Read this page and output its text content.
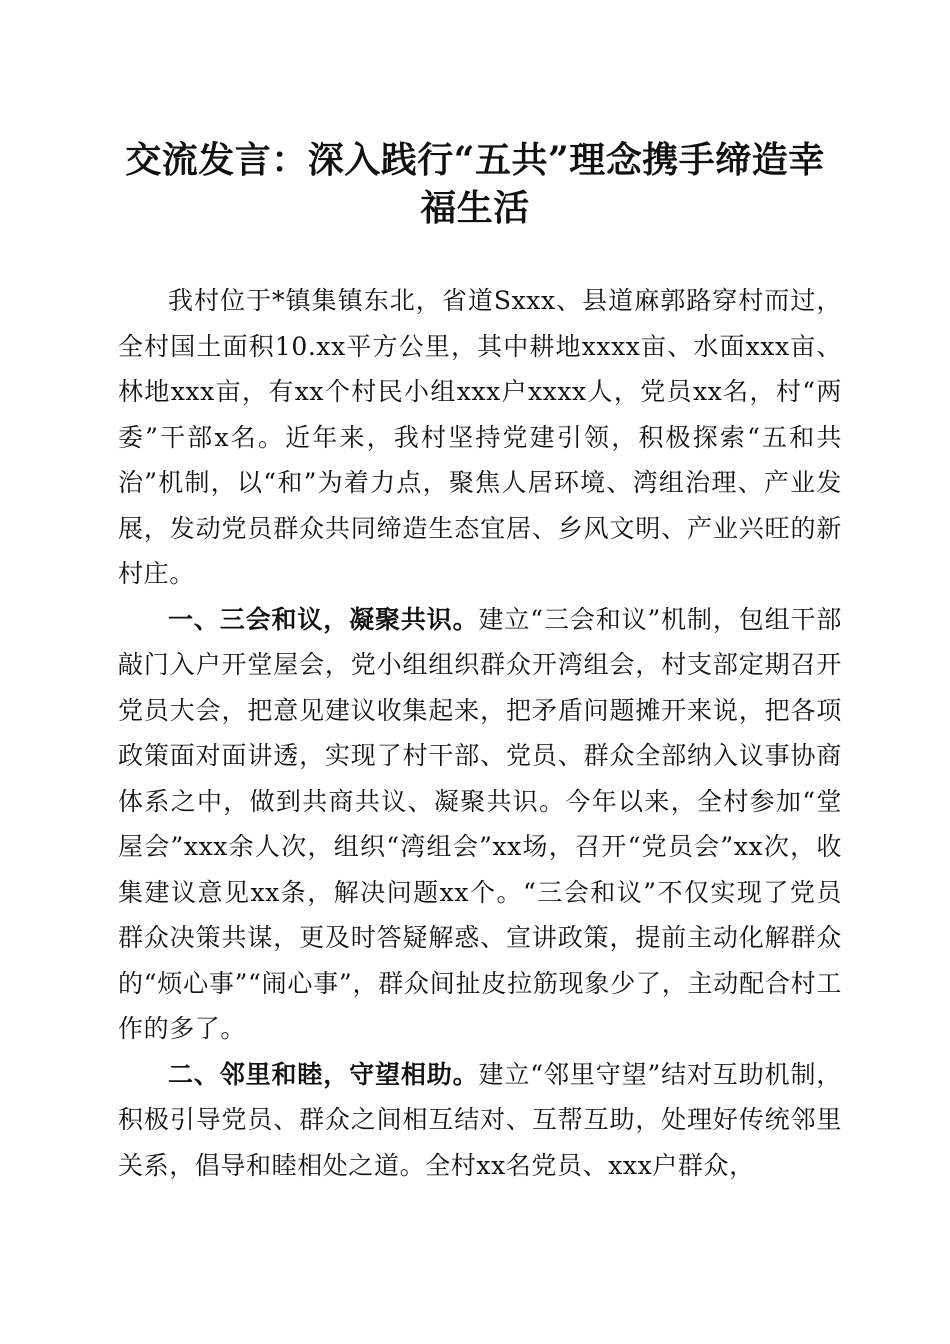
交流发言：深入践行“五共”理念携手缔造幸福生活

我村位于*镇集镇东北，省道Sxxx、县道麻郭路穿村而过，全村国土面积10.xx平方公里，其中耕地xxxx亩、水面xxx亩、林地xxx亩，有xx个村民小组xxx户xxxx人，党员xx名，村“两委”干部x名。近年来，我村坚持党建引领，积极探索“五和共治”机制，以“和”为着力点，聚焦人居环境、湾组治理、产业发展，发动党员群众共同缔造生态宜居、乡风文明、产业兴旺的新村庄。

一、三会和议，凝聚共识。建立“三会和议”机制，包组干部敲门入户开堂屋会，党小组组织群众开湾组会，村支部定期召开党员大会，把意见建议收集起来，把矛盾问题摊开来说，把各项政策面对面讲透，实现了村干部、党员、群众全部纳入议事协商体系之中，做到共商共议、凝聚共识。今年以来，全村参加“堂屋会”xxx余人次，组织“湾组会”xx场，召开“党员会”xx次，收集建议意见xx条，解决问题xx个。“三会和议”不仅实现了党员群众决策共谋，更及时答疑解惑、宣讲政策，提前主动化解群众的“烦心事”“闹心事”，群众间扯皮拉筋现象少了，主动配合村工作的多了。

二、邻里和睦，守望相助。建立“邻里守望”结对互助机制，积极引导党员、群众之间相互结对、互帮互助，处理好传统邻里关系，倡导和睦相处之道。全村xx名党员、xxx户群众，
